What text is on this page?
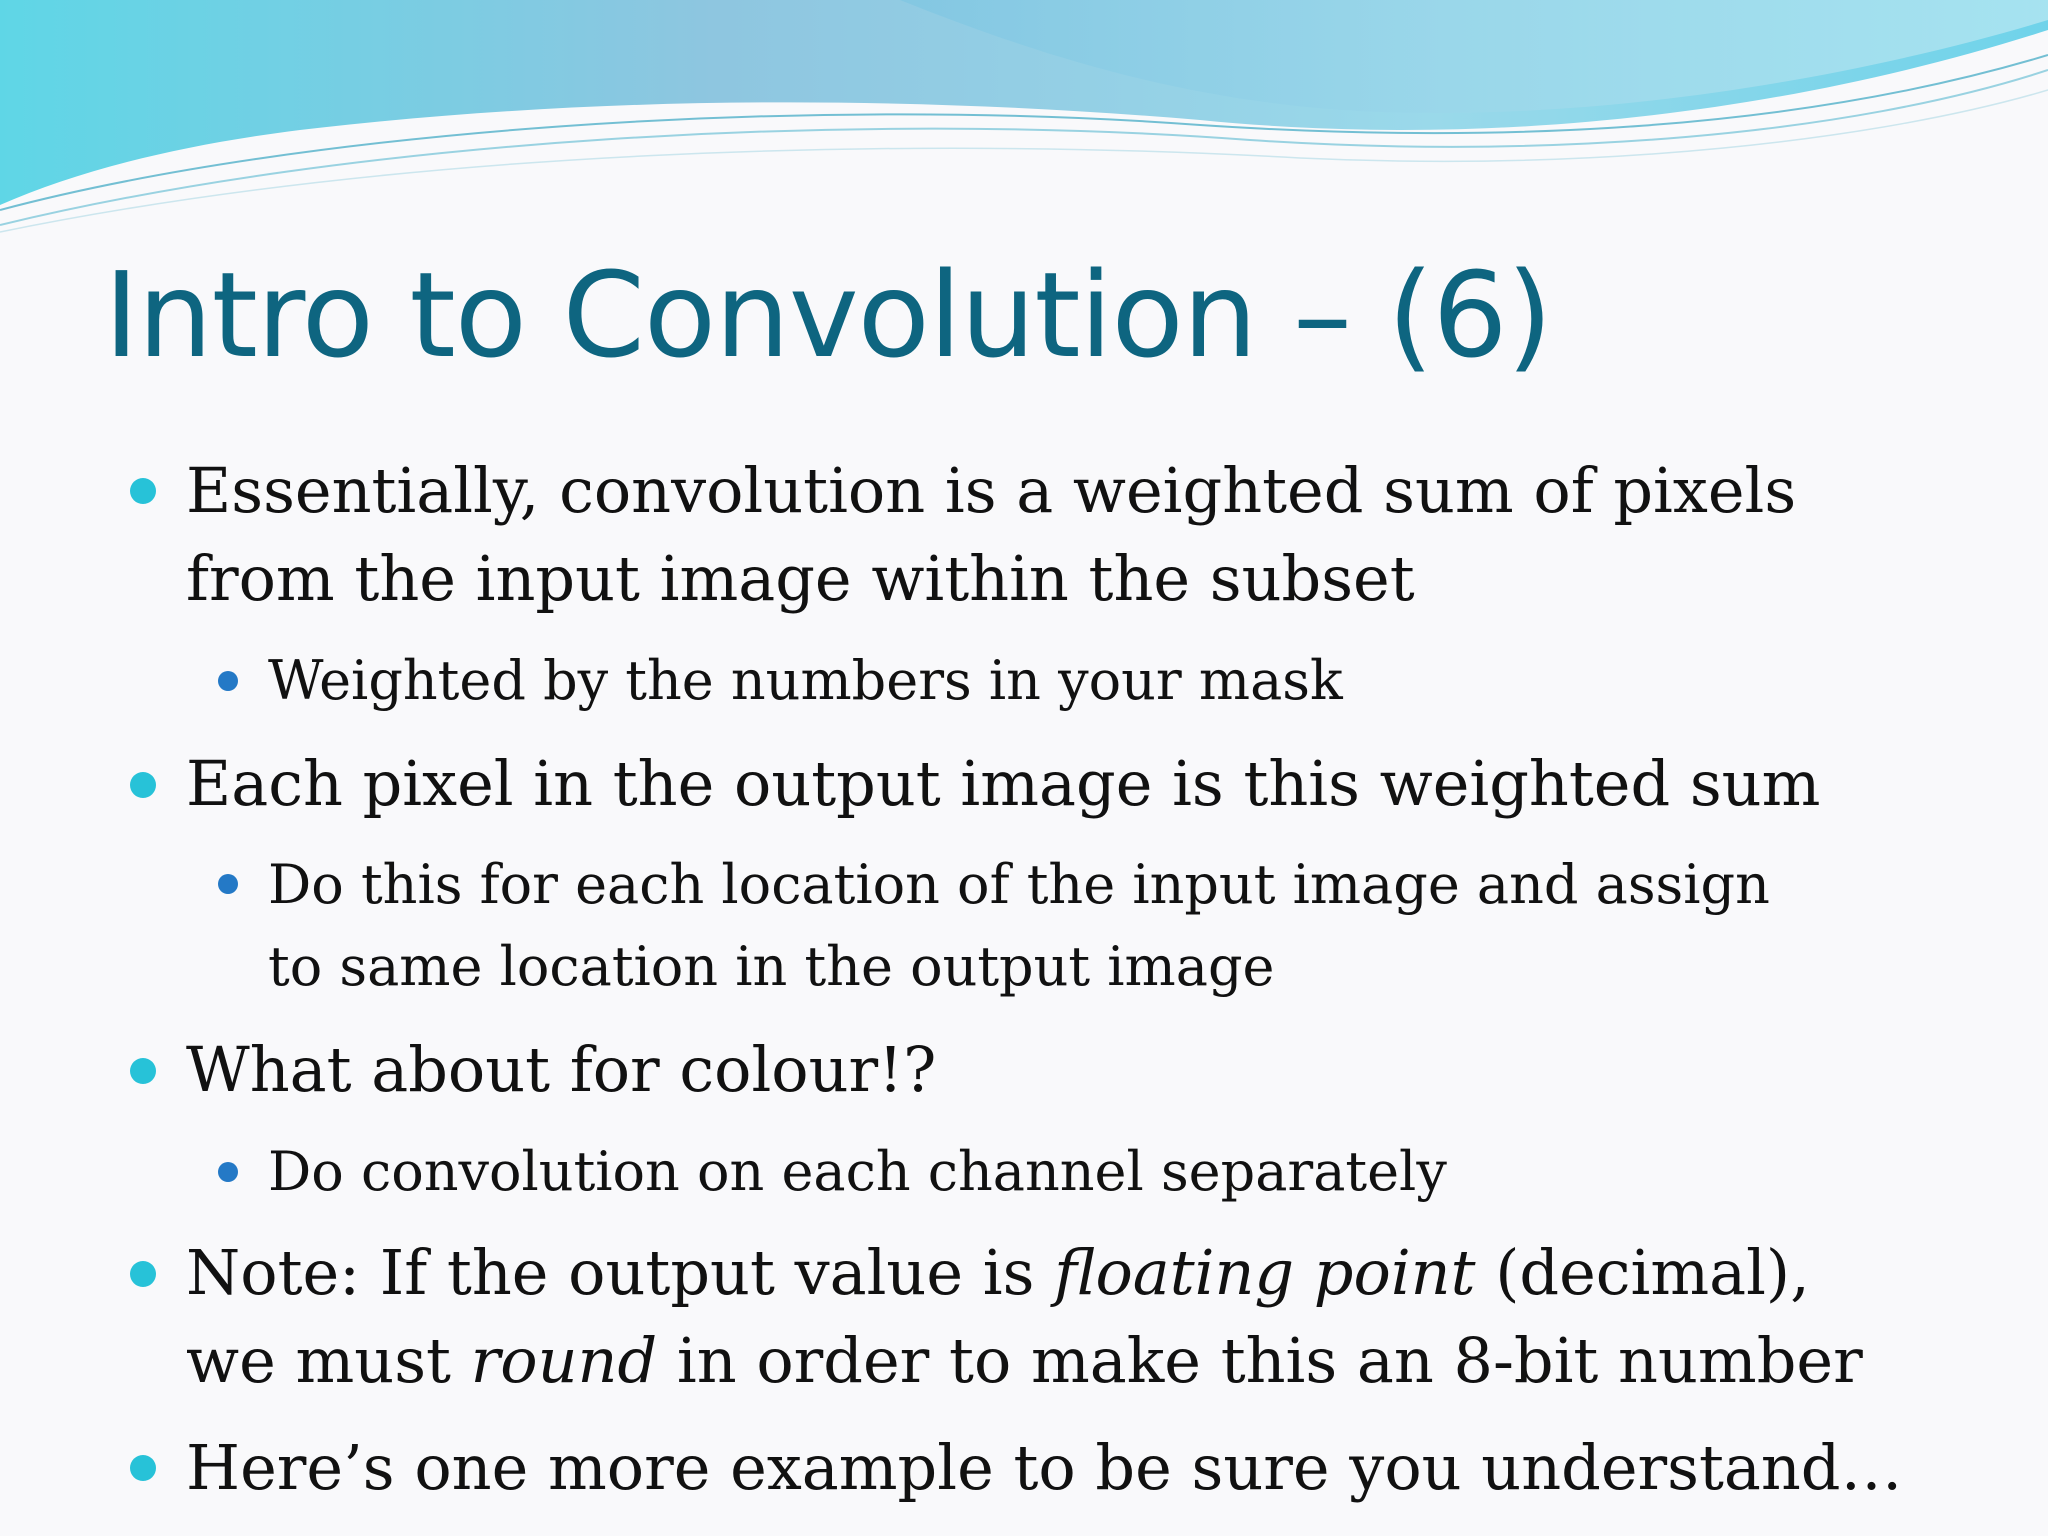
Intro to Convolution – (6)

Essentially, convolution is a weighted sum of pixels
from the input image within the subset

Weighted by the numbers in your mask

Each pixel in the output image is this weighted sum

Do this for each location of the input image and assign
to same location in the output image

What about for colour!?

Do convolution on each channel separately

Note: If the output value is floating point (decimal),
we must round in order to make this an 8-bit number

Here’s one more example to be sure you understand…
